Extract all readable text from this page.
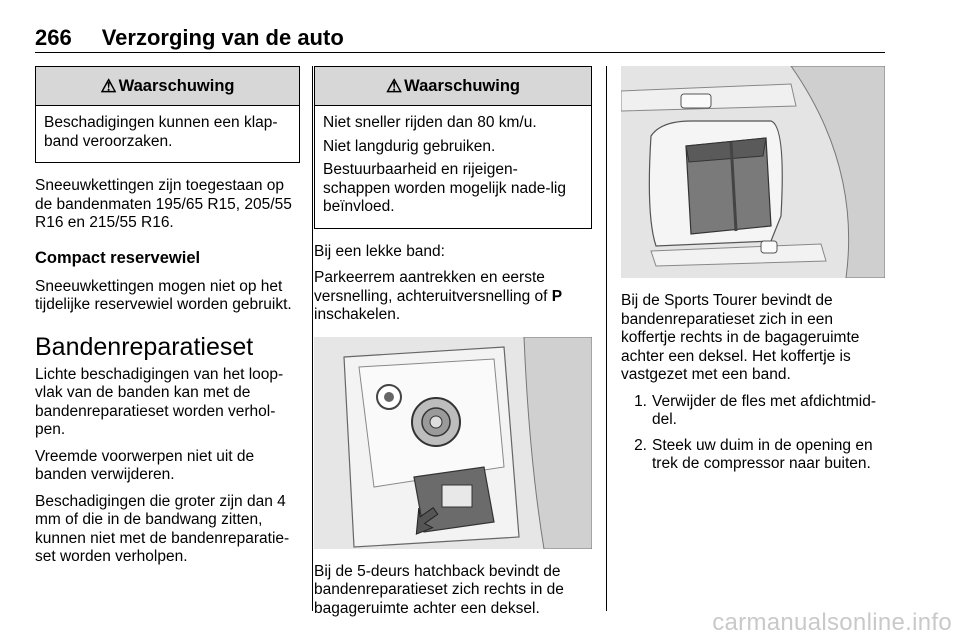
266 Verzorging van de auto
⚠ Waarschuwing

Beschadigingen kunnen een klap-band veroorzaken.

Sneeuwkettingen zijn toegestaan op de bandenmaten 195/65 R15, 205/55 R16 en 215/55 R16.

Compact reservewiel

Sneeuwkettingen mogen niet op het tijdelijke reservewiel worden gebruikt.

Bandenreparatieset

Lichte beschadigingen van het loop-vlak van de banden kan met de bandenreparatieset worden verhol-pen.

Vreemde voorwerpen niet uit de banden verwijderen.

Beschadigingen die groter zijn dan 4 mm of die in de bandwang zitten, kunnen niet met de bandenreparatie-set worden verholpen.

⚠ Waarschuwing

Niet sneller rijden dan 80 km/u.

Niet langdurig gebruiken.

Bestuurbaarheid en rijeigen-schappen worden mogelijk nade-lig beïnvloed.

Bij een lekke band:

Parkeerrem aantrekken en eerste versnelling, achteruitversnelling of P inschakelen.

Bij de 5-deurs hatchback bevindt de bandenreparatieset zich rechts in de bagageruimte achter een deksel.

Bij de Sports Tourer bevindt de bandenreparatieset zich in een koffertje rechts in de bagageruimte achter een deksel. Het koffertje is vastgezet met een band.

1. Verwijder de fles met afdichtmid-del.
2. Steek uw duim in de opening en trek de compressor naar buiten.
carmanualsonline.info
